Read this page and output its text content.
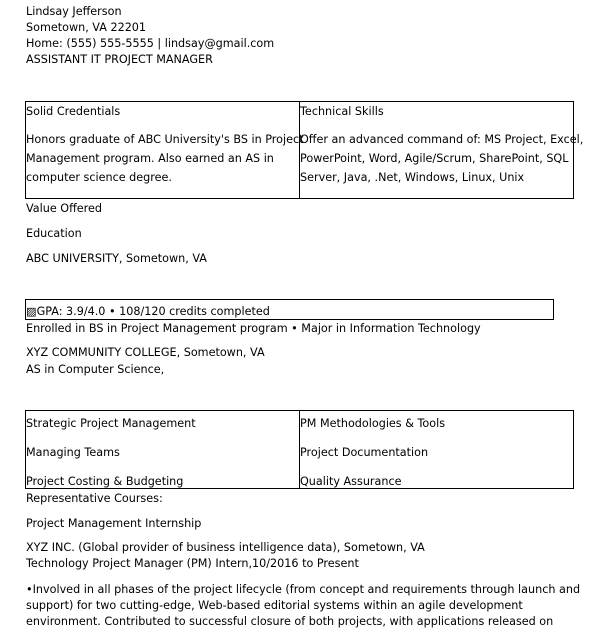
Lindsay Jefferson
Sometown, VA 22201
Home: (555) 555-5555 | lindsay@gmail.com
ASSISTANT IT PROJECT MANAGER
Solid Credentials
Honors graduate of ABC University's BS in Project
Management program. Also earned an AS in
computer science degree.
Technical Skills
Offer an advanced command of: MS Project, Excel,
PowerPoint, Word, Agile/Scrum, SharePoint, SQL
Server, Java, .Net, Windows, Linux, Unix
Value Offered
Education
ABC UNIVERSITY, Sometown, VA
▨GPA: 3.9/4.0 • 108/120 credits completed
Enrolled in BS in Project Management program • Major in Information Technology
XYZ COMMUNITY COLLEGE, Sometown, VA
AS in Computer Science,
Strategic Project Management
Managing Teams
Project Costing & Budgeting
PM Methodologies & Tools
Project Documentation
Quality Assurance
Representative Courses:
Project Management Internship
XYZ INC. (Global provider of business intelligence data), Sometown, VA
Technology Project Manager (PM) Intern,10/2016 to Present
•Involved in all phases of the project lifecycle (from concept and requirements through launch and
support) for two cutting-edge, Web-based editorial systems within an agile development
environment. Contributed to successful closure of both projects, with applications released on
